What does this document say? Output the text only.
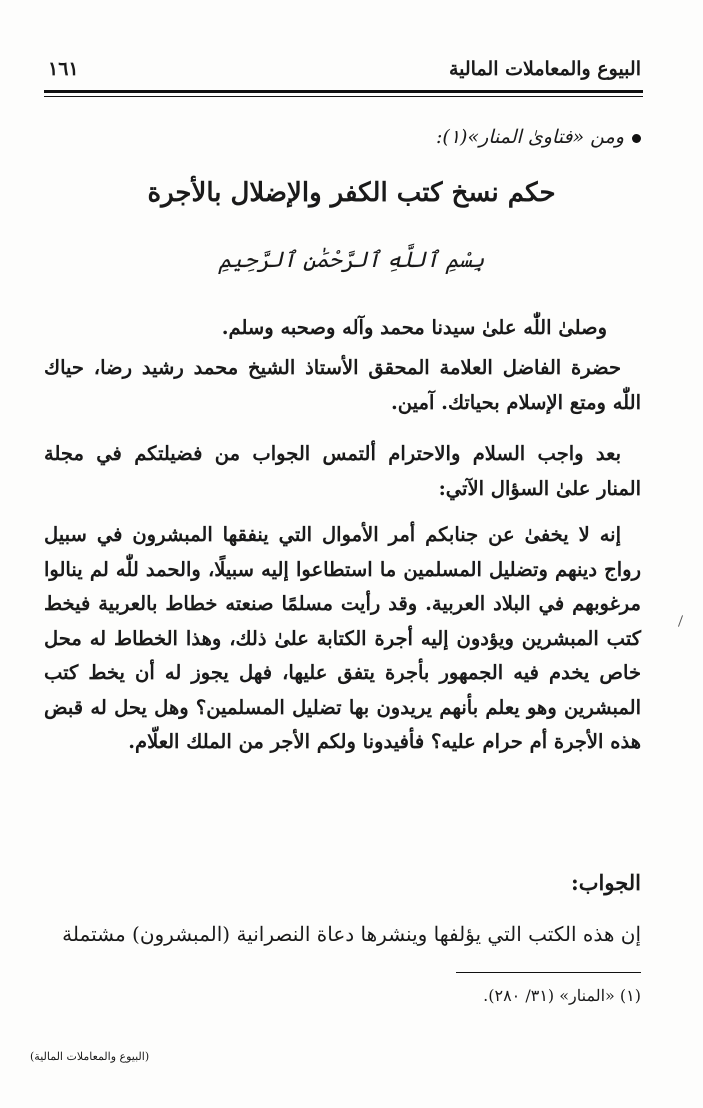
البيوع والمعاملات المالية
١٦١
ومن «فتاوىٰ المنار»(١):
حكم نسخ كتب الكفر والإضلال بالأجرة
بِسْمِ ٱللَّهِ ٱلرَّحْمَٰنِ ٱلرَّحِيمِ
وصلىٰ اللّٰه علىٰ سيدنا محمد وآله وصحبه وسلم.
حضرة الفاضل العلامة المحقق الأستاذ الشيخ محمد رشيد رضا، حياك اللّٰه ومتع الإسلام بحياتك. آمين.
بعد واجب السلام والاحترام ألتمس الجواب من فضيلتكم في مجلة المنار علىٰ السؤال الآتي:
إنه لا يخفىٰ عن جنابكم أمر الأموال التي ينفقها المبشرون في سبيل رواج دينهم وتضليل المسلمين ما استطاعوا إليه سبيلًا، والحمد للّٰه لم ينالوا مرغوبهم في البلاد العربية. وقد رأيت مسلمًا صنعته خطاط بالعربية فيخط كتب المبشرين ويؤدون إليه أجرة الكتابة علىٰ ذلك، وهذا الخطاط له محل خاص يخدم فيه الجمهور بأجرة يتفق عليها، فهل يجوز له أن يخط كتب المبشرين وهو يعلم بأنهم يريدون بها تضليل المسلمين؟ وهل يحل له قبض هذه الأجرة أم حرام عليه؟ فأفيدونا ولكم الأجر من الملك العلّام.
الجواب:
إن هذه الكتب التي يؤلفها وينشرها دعاة النصرانية (المبشرون) مشتملة
(١) «المنار» (٣١/ ٢٨٠).
(البيوع والمعاملات المالية)
